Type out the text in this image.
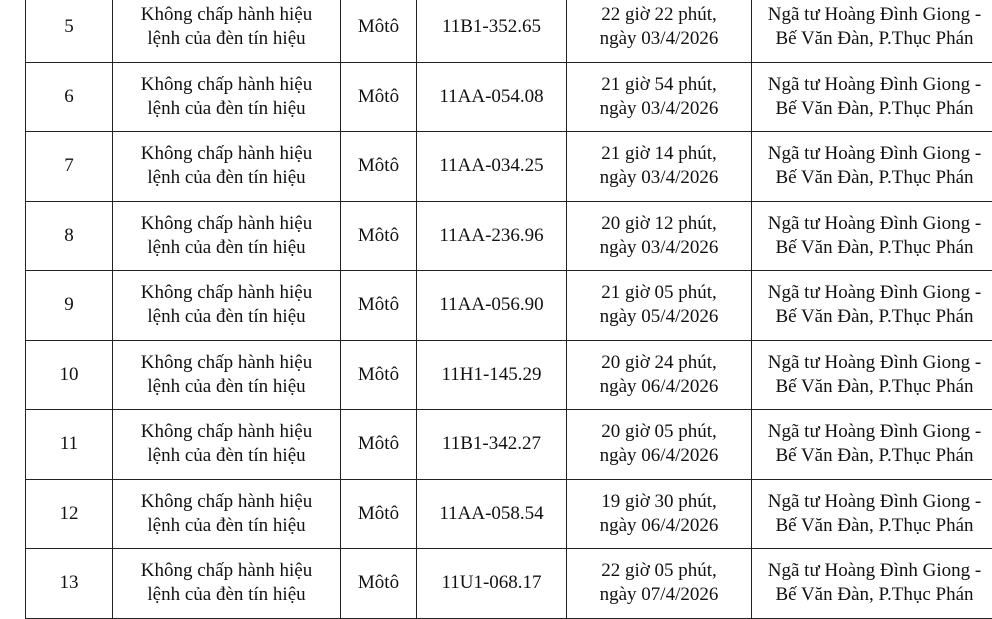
5	Không chấp hành hiệu
lệnh của đèn tín hiệu	Môtô	11B1-352.65	22 giờ 22 phút,
ngày 03/4/2026	Ngã tư Hoàng Đình Giong -
Bế Văn Đàn, P.Thục Phán

6	Không chấp hành hiệu
lệnh của đèn tín hiệu	Môtô	11AA-054.08	21 giờ 54 phút,
ngày 03/4/2026	Ngã tư Hoàng Đình Giong -
Bế Văn Đàn, P.Thục Phán

7	Không chấp hành hiệu
lệnh của đèn tín hiệu	Môtô	11AA-034.25	21 giờ 14 phút,
ngày 03/4/2026	Ngã tư Hoàng Đình Giong -
Bế Văn Đàn, P.Thục Phán

8	Không chấp hành hiệu
lệnh của đèn tín hiệu	Môtô	11AA-236.96	20 giờ 12 phút,
ngày 03/4/2026	Ngã tư Hoàng Đình Giong -
Bế Văn Đàn, P.Thục Phán

9	Không chấp hành hiệu
lệnh của đèn tín hiệu	Môtô	11AA-056.90	21 giờ 05 phút,
ngày 05/4/2026	Ngã tư Hoàng Đình Giong -
Bế Văn Đàn, P.Thục Phán

10	Không chấp hành hiệu
lệnh của đèn tín hiệu	Môtô	11H1-145.29	20 giờ 24 phút,
ngày 06/4/2026	Ngã tư Hoàng Đình Giong -
Bế Văn Đàn, P.Thục Phán

11	Không chấp hành hiệu
lệnh của đèn tín hiệu	Môtô	11B1-342.27	20 giờ 05 phút,
ngày 06/4/2026	Ngã tư Hoàng Đình Giong -
Bế Văn Đàn, P.Thục Phán

12	Không chấp hành hiệu
lệnh của đèn tín hiệu	Môtô	11AA-058.54	19 giờ 30 phút,
ngày 06/4/2026	Ngã tư Hoàng Đình Giong -
Bế Văn Đàn, P.Thục Phán

13	Không chấp hành hiệu
lệnh của đèn tín hiệu	Môtô	11U1-068.17	22 giờ 05 phút,
ngày 07/4/2026	Ngã tư Hoàng Đình Giong -
Bế Văn Đàn, P.Thục Phán
